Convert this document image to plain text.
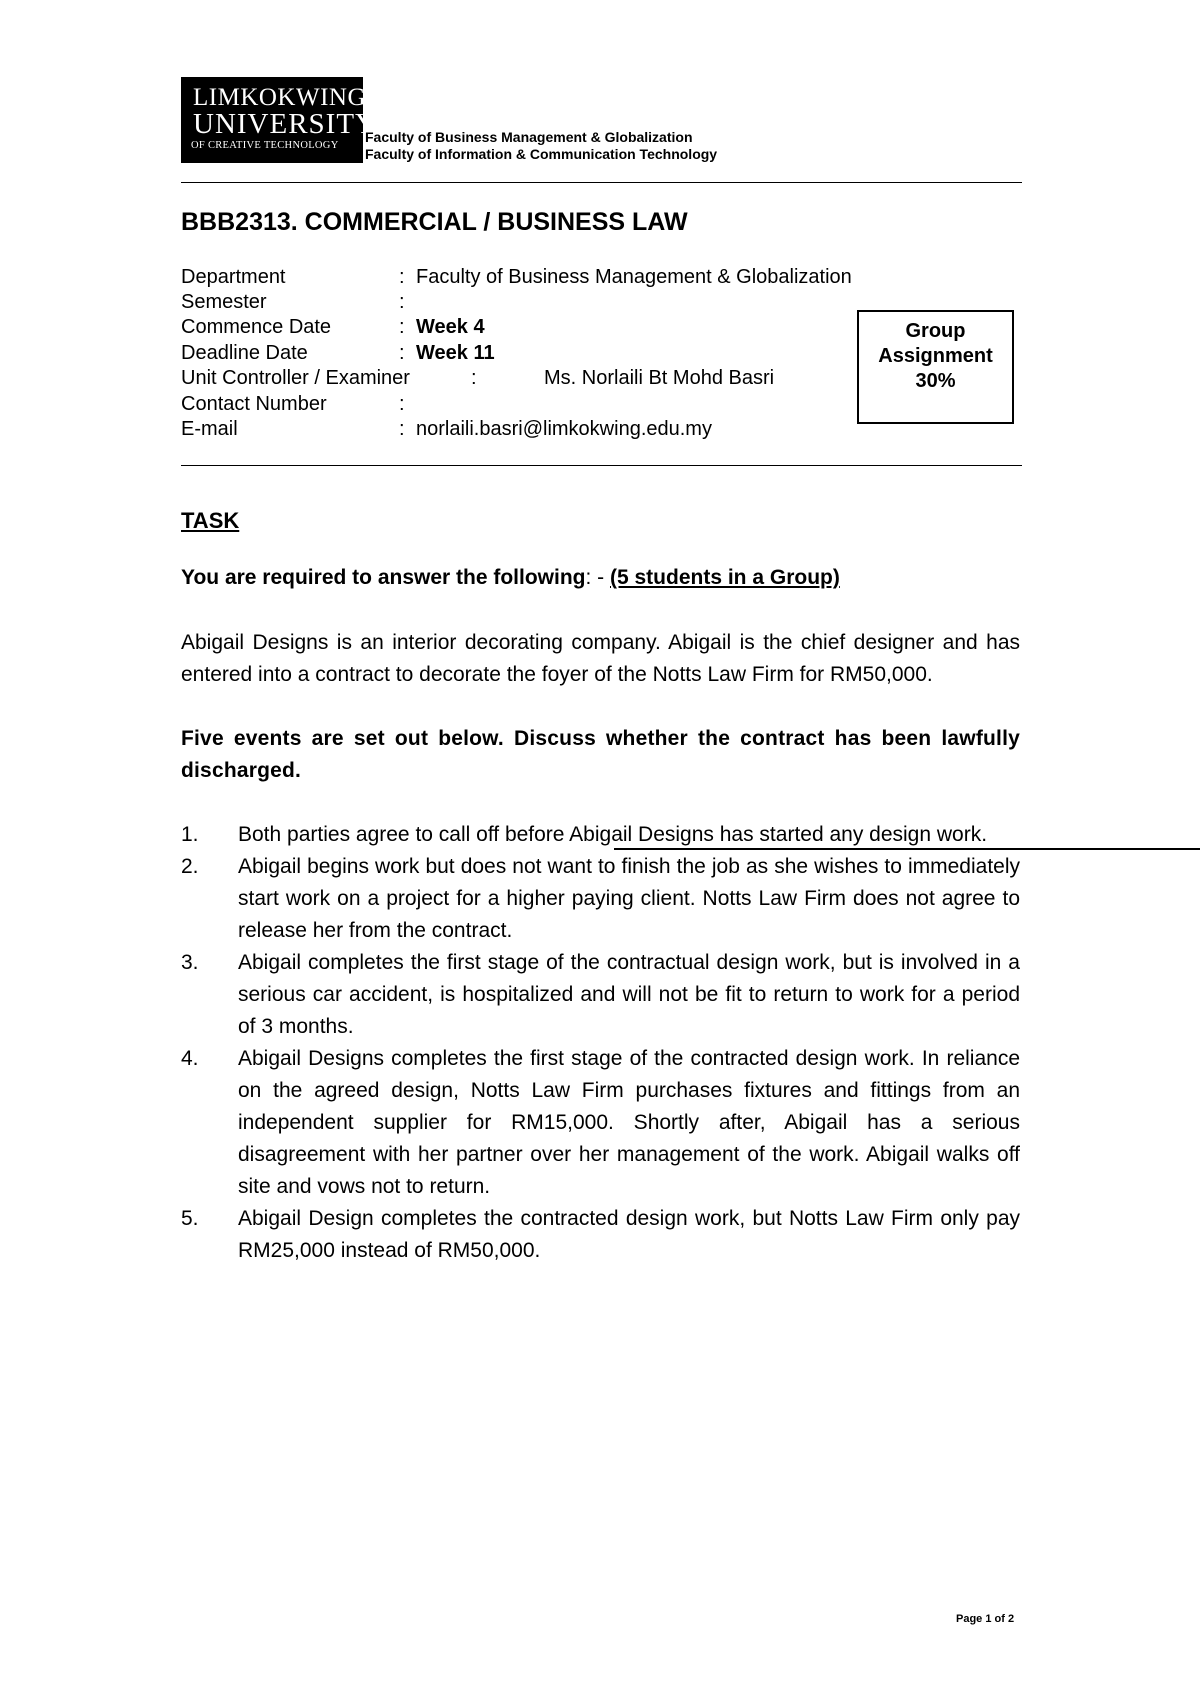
LIMKOKWING
UNIVERSITY
OF CREATIVE TECHNOLOGY
Faculty of Business Management & Globalization
Faculty of Information & Communication Technology
BBB2313. COMMERCIAL / BUSINESS LAW
Department	: Faculty of Business Management & Globalization
Semester	:
Commence Date	: Week 4
Deadline Date	: Week 11
Unit Controller / Examiner	:	Ms. Norlaili Bt Mohd Basri
Contact Number	:
E-mail	: norlaili.basri@limkokwing.edu.my
Group
Assignment
30%
TASK
You are required to answer the following: - (5 students in a Group)
Abigail Designs is an interior decorating company. Abigail is the chief designer and has entered into a contract to decorate the foyer of the Notts Law Firm for RM50,000.
Five events are set out below. Discuss whether the contract has been lawfully discharged.
1. Both parties agree to call off before Abigail Designs has started any design work.
2. Abigail begins work but does not want to finish the job as she wishes to immediately start work on a project for a higher paying client. Notts Law Firm does not agree to release her from the contract.
3. Abigail completes the first stage of the contractual design work, but is involved in a serious car accident, is hospitalized and will not be fit to return to work for a period of 3 months.
4. Abigail Designs completes the first stage of the contracted design work. In reliance on the agreed design, Notts Law Firm purchases fixtures and fittings from an independent supplier for RM15,000. Shortly after, Abigail has a serious disagreement with her partner over her management of the work. Abigail walks off site and vows not to return.
5. Abigail Design completes the contracted design work, but Notts Law Firm only pay RM25,000 instead of RM50,000.
Page 1 of 2
